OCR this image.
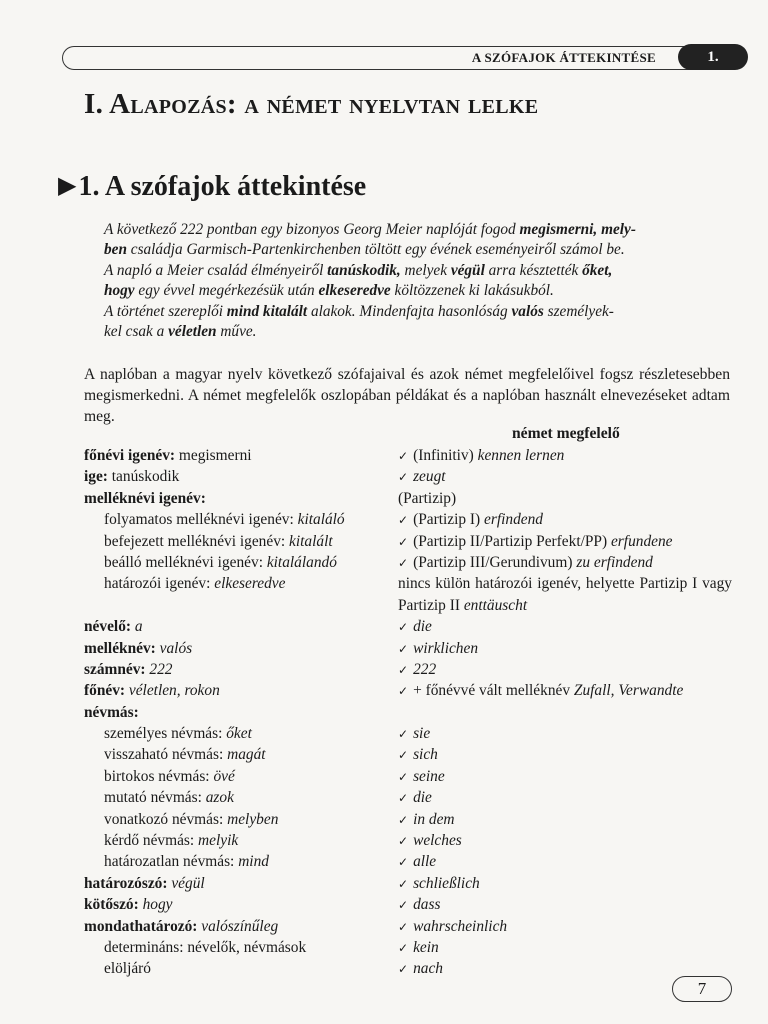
A SZÓFAJOK ÁTTEKINTÉSE	1.
I. Alapozás: a német nyelvtan lelke
▶1. A szófajok áttekintése

A következő 222 pontban egy bizonyos Georg Meier naplóját fogod megismerni, mely-

ben családja Garmisch-Partenkirchenben töltött egy évének eseményeiről számol be.

A napló a Meier család élményeiről tanúskodik, melyek végül arra késztették őket,

hogy egy évvel megérkezésük után elkeseredve költözzenek ki lakásukból.

A történet szereplői mind kitalált alakok. Mindenfajta hasonlóság valós személyek-

kel csak a véletlen műve.

A naplóban a magyar nyelv következő szófajaival és azok német megfelelőivel fogsz részletesebben megismerkedni. A német megfelelők oszlopában példákat és a naplóban használt elnevezéseket adtam meg.
német megfelelő
főnévi igenév: megismerni	✓ (Infinitiv) kennen lernen
ige: tanúskodik	✓ zeugt
melléknévi igenév:	(Partizip)
folyamatos melléknévi igenév: kitaláló	✓ (Partizip I) erfindend
befejezett melléknévi igenév: kitalált	✓ (Partizip II/Partizip Perfekt/PP) erfundene
beálló melléknévi igenév: kitalálandó	✓ (Partizip III/Gerundivum) zu erfindend
határozói igenév: elkeseredve	nincs külön határozói igenév, helyette Partizip I vagy Partizip II enttäuscht
névelő: a	✓ die
melléknév: valós	✓ wirklichen
számnév: 222	✓ 222
főnév: véletlen, rokon	✓ + főnévvé vált melléknév Zufall, Verwandte
névmás:
személyes névmás: őket	✓ sie
visszaható névmás: magát	✓ sich
birtokos névmás: övé	✓ seine
mutató névmás: azok	✓ die
vonatkozó névmás: melyben	✓ in dem
kérdő névmás: melyik	✓ welches
határozatlan névmás: mind	✓ alle
határozószó: végül	✓ schließlich
kötőszó: hogy	✓ dass
mondathatározó: valószínűleg	✓ wahrscheinlich
determináns: névelők, névmások	✓ kein
elöljáró	✓ nach
7
